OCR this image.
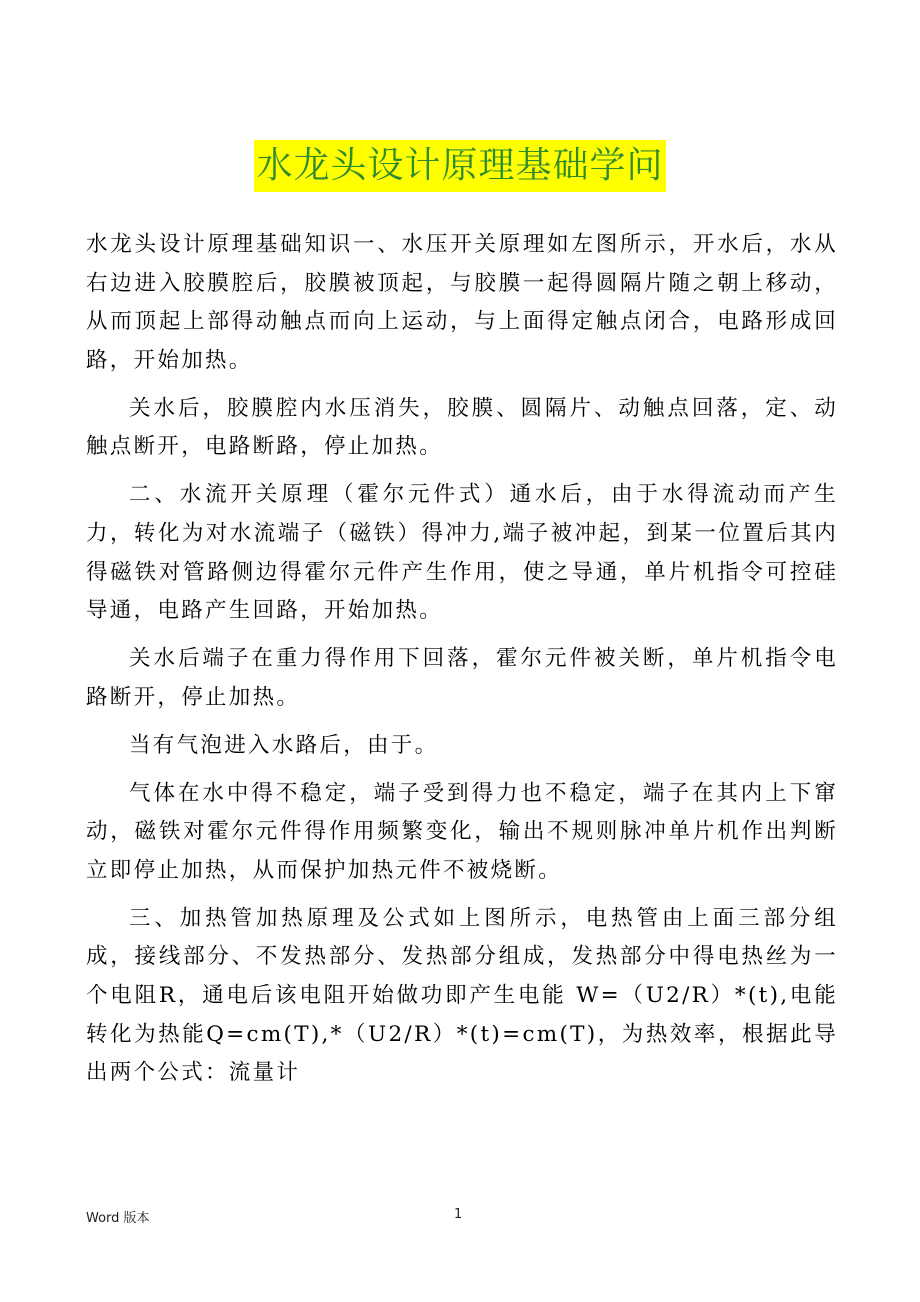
水龙头设计原理基础学问

水龙头设计原理基础知识一、水压开关原理如左图所示，开水后，水从右边进入胶膜腔后，胶膜被顶起，与胶膜一起得圆隔片随之朝上移动，从而顶起上部得动触点而向上运动，与上面得定触点闭合，电路形成回路，开始加热。

关水后，胶膜腔内水压消失，胶膜、圆隔片、动触点回落，定、动触点断开，电路断路，停止加热。

二、水流开关原理（霍尔元件式）通水后，由于水得流动而产生力，转化为对水流端子（磁铁）得冲力,端子被冲起，到某一位置后其内得磁铁对管路侧边得霍尔元件产生作用，使之导通，单片机指令可控硅导通，电路产生回路，开始加热。

关水后端子在重力得作用下回落，霍尔元件被关断，单片机指令电路断开，停止加热。

当有气泡进入水路后，由于。

气体在水中得不稳定，端子受到得力也不稳定，端子在其内上下窜动，磁铁对霍尔元件得作用频繁变化，输出不规则脉冲单片机作出判断立即停止加热，从而保护加热元件不被烧断。

三、加热管加热原理及公式如上图所示，电热管由上面三部分组成，接线部分、不发热部分、发热部分组成，发热部分中得电热丝为一个电阻R，通电后该电阻开始做功即产生电能 W=（U2/R）*(t),电能转化为热能Q=cm(T),*（U2/R）*(t)=cm(T)，为热效率，根据此导出两个公式：流量计

Word 版本	1
